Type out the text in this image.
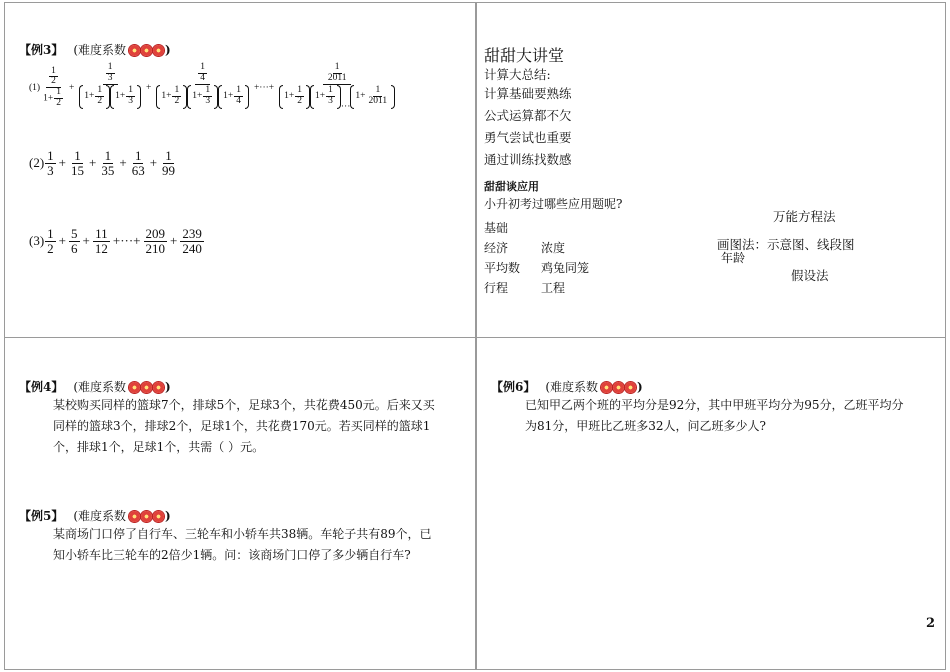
【例3】 (难度系数	)
$(1) \frac{\frac{1}{2}}{1+ \frac{1}{2}} + \frac{\frac{1}{3}}{1+ \frac{1}{2} 1+ \frac{1}{3}} + \frac{\frac{1}{4}}{1+ \frac{1}{2} 1+ \frac{1}{3} 1+ \frac{1}{4}}$ +···+ $\frac{1}{2011}$
$1+ \frac{1}{2} 1+ \frac{1}{3}$ ···
$1+ \frac{1}{2011}$
$(2) \frac{1}{3} + \frac{1}{15} + \frac{1}{35} + \frac{1}{63} + \frac{1}{99}$
$(3) \frac{1}{2} + \frac{5}{6} + \frac{11}{12}$ +···+ $\frac{209}{210} + \frac{239}{240}$
甜甜大讲堂
计算大总结:
计算基础要熟练
公式运算都不欠
勇气尝试也重要
通过训练找数感
甜甜谈应用
小升初考过哪些应用题呢?
基础
经济	浓度
平均数 鸡兔同笼
行程	工程
万能方程法
画图法：示意图、线段图
年龄
假设法
【例4】 (难度系数	)
某校购买同样的篮球7个，排球5个，足球3个，共花费450元。后来又买
同样的篮球3个，排球2个，足球1个，共花费170元。若买同样的篮球1
个，排球1个，足球1个，共需（ ）元。
【例5】 (难度系数	)
某商场门口停了自行车、三轮车和小轿车共38辆。车轮子共有89个，已
知小轿车比三轮车的2倍少1辆。问：该商场门口停了多少辆自行车?
【例6】 (难度系数	)
已知甲乙两个班的平均分是92分，其中甲班平均分为95分，乙班平均分
为81分，甲班比乙班多32人，问乙班多少人?
2
